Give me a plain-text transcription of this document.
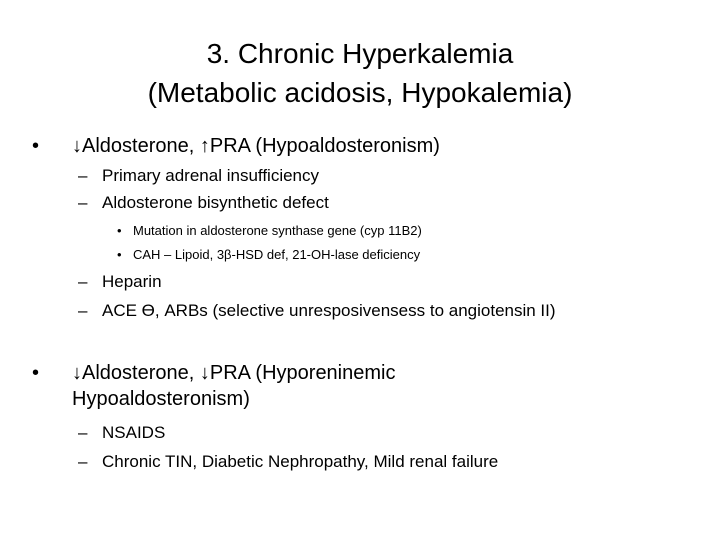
3. Chronic Hyperkalemia
(Metabolic acidosis, Hypokalemia)
• ↓Aldosterone, ↑PRA (Hypoaldosteronism)
– Primary adrenal insufficiency
– Aldosterone bisynthetic defect
• Mutation in aldosterone synthase gene (cyp 11B2)
• CAH – Lipoid, 3β-HSD def, 21-OH-lase deficiency
– Heparin
– ACE ϴ, ARBs (selective unresposivensess to angiotensin II)
• ↓Aldosterone, ↓PRA (Hyporeninemic Hypoaldosteronism)
– NSAIDS
– Chronic TIN, Diabetic Nephropathy, Mild renal failure
